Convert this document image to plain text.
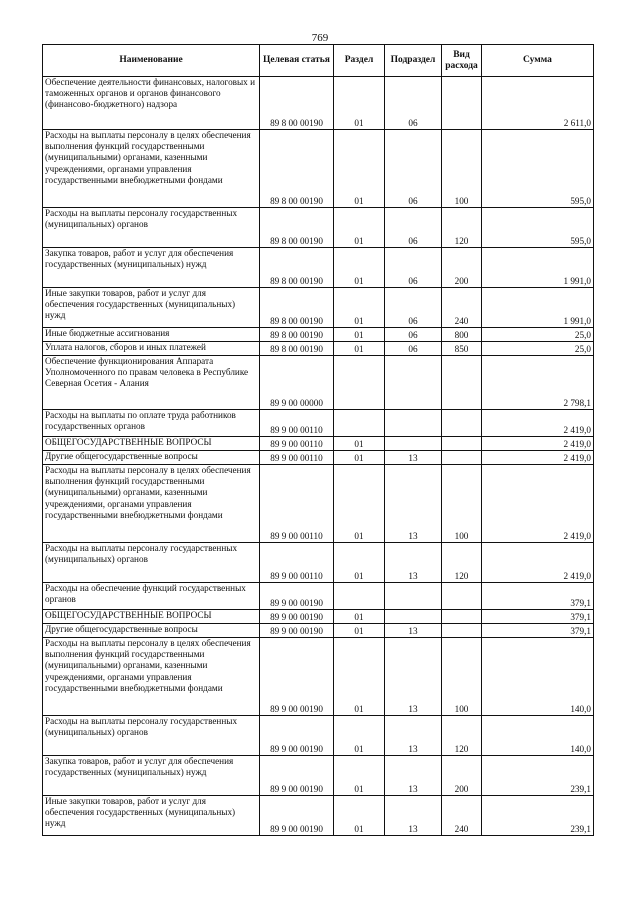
769
Наименование	Целевая статья	Раздел	Подраздел	Вид расхода	Сумма
Обеспечение деятельности финансовых, налоговых и таможенных органов и органов финансового (финансово-бюджетного) надзора	89 8 00 00190	01	06		2 611,0
Расходы на выплаты персоналу в целях обеспечения выполнения функций государственными (муниципальными) органами, казенными учреждениями, органами управления государственными внебюджетными фондами	89 8 00 00190	01	06	100	595,0
Расходы на выплаты персоналу государственных (муниципальных) органов	89 8 00 00190	01	06	120	595,0
Закупка товаров, работ и услуг для обеспечения государственных (муниципальных) нужд	89 8 00 00190	01	06	200	1 991,0
Иные закупки товаров, работ и услуг для обеспечения государственных (муниципальных) нужд	89 8 00 00190	01	06	240	1 991,0
Иные бюджетные ассигнования	89 8 00 00190	01	06	800	25,0
Уплата налогов, сборов и иных платежей	89 8 00 00190	01	06	850	25,0
Обеспечение функционирования Аппарата Уполномоченного по правам человека в Республике Северная Осетия - Алания	89 9 00 00000				2 798,1
Расходы на выплаты по оплате труда работников государственных органов	89 9 00 00110				2 419,0
ОБЩЕГОСУДАРСТВЕННЫЕ ВОПРОСЫ	89 9 00 00110	01			2 419,0
Другие общегосударственные вопросы	89 9 00 00110	01	13		2 419,0
Расходы на выплаты персоналу в целях обеспечения выполнения функций государственными (муниципальными) органами, казенными учреждениями, органами управления государственными внебюджетными фондами	89 9 00 00110	01	13	100	2 419,0
Расходы на выплаты персоналу государственных (муниципальных) органов	89 9 00 00110	01	13	120	2 419,0
Расходы на обеспечение функций государственных органов	89 9 00 00190				379,1
ОБЩЕГОСУДАРСТВЕННЫЕ ВОПРОСЫ	89 9 00 00190	01			379,1
Другие общегосударственные вопросы	89 9 00 00190	01	13		379,1
Расходы на выплаты персоналу в целях обеспечения выполнения функций государственными (муниципальными) органами, казенными учреждениями, органами управления государственными внебюджетными фондами	89 9 00 00190	01	13	100	140,0
Расходы на выплаты персоналу государственных (муниципальных) органов	89 9 00 00190	01	13	120	140,0
Закупка товаров, работ и услуг для обеспечения государственных (муниципальных) нужд	89 9 00 00190	01	13	200	239,1
Иные закупки товаров, работ и услуг для обеспечения государственных (муниципальных) нужд	89 9 00 00190	01	13	240	239,1
